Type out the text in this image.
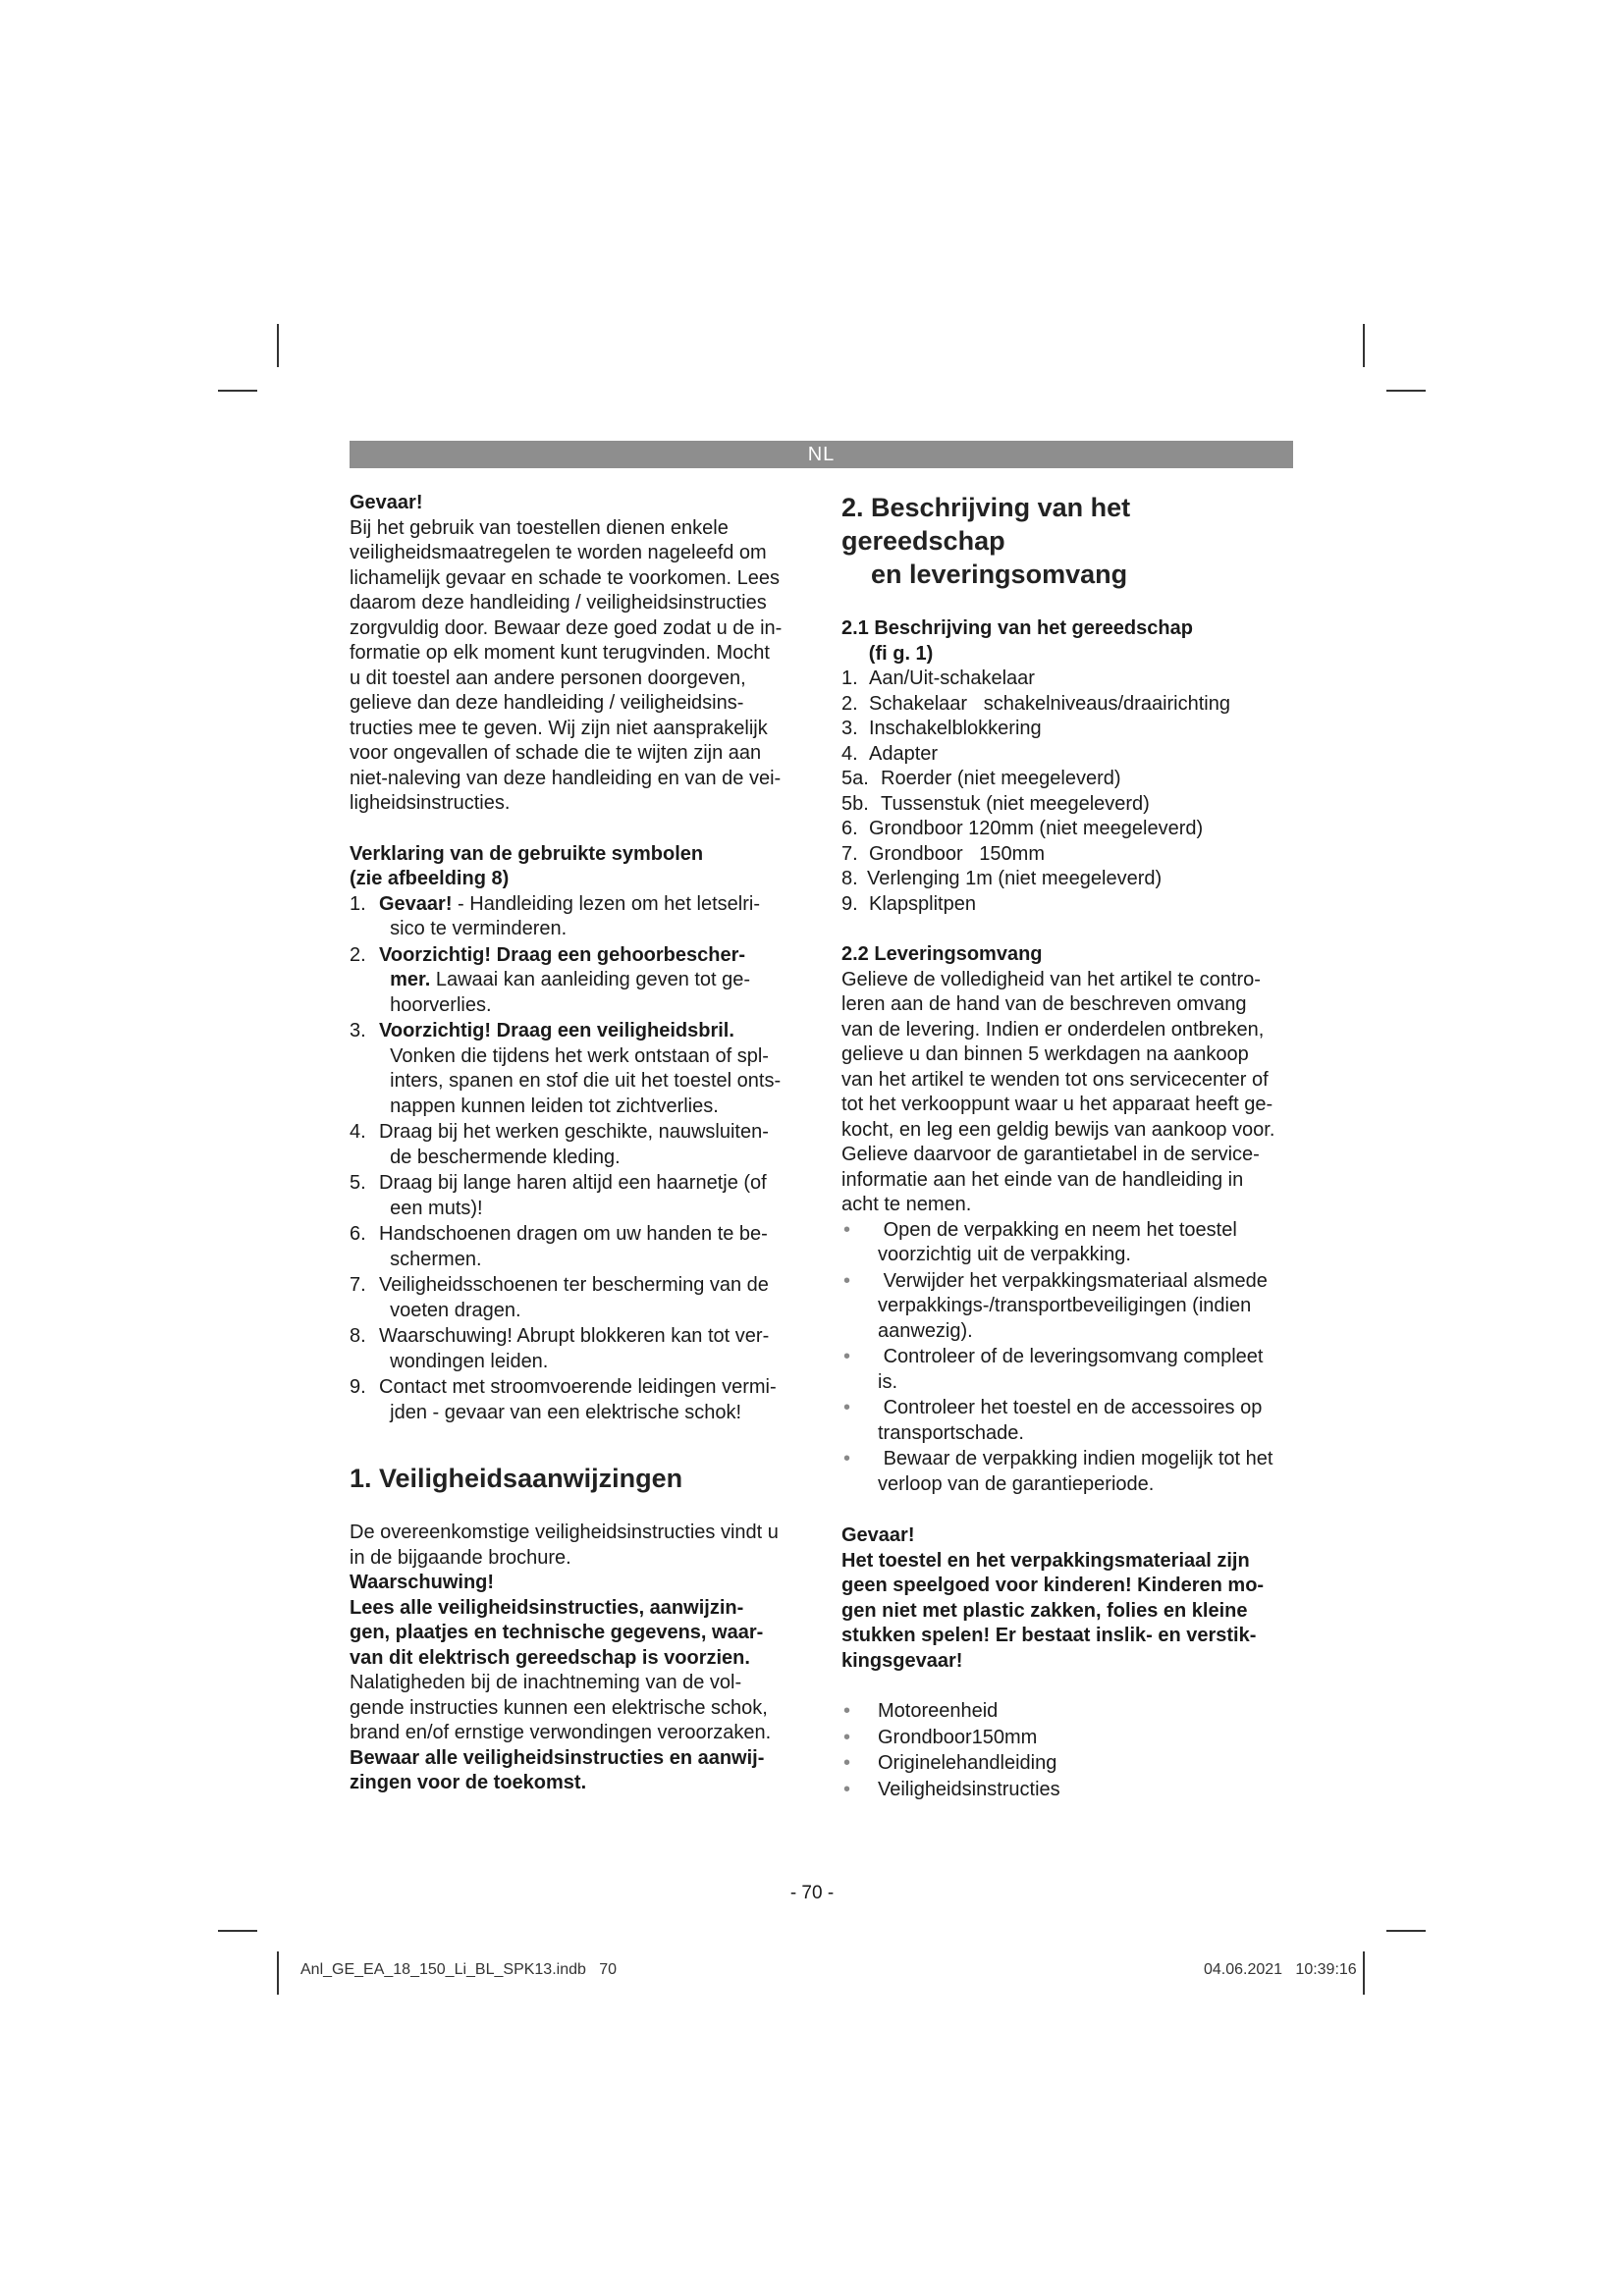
NL

Gevaar!

Bij het gebruik van toestellen dienen enkele
veiligheidsmaatregelen te worden nageleefd om
lichamelijk gevaar en schade te voorkomen. Lees
daarom deze handleiding / veiligheidsinstructies
zorgvuldig door. Bewaar deze goed zodat u de in-
formatie op elk moment kunt terugvinden. Mocht
u dit toestel aan andere personen doorgeven,
gelieve dan deze handleiding / veiligheidsins-
tructies mee te geven. Wij zijn niet aansprakelijk
voor ongevallen of schade die te wijten zijn aan
niet-naleving van deze handleiding en van de vei-
ligheidsinstructies.

Verklaring van de gebruikte symbolen
(zie afbeelding 8)

1. Gevaar! - Handleiding lezen om het letselri-
sico te verminderen.
2. Voorzichtig! Draag een gehoorbescher-
mer. Lawaai kan aanleiding geven tot ge-
hoorverlies.
3. Voorzichtig! Draag een veiligheidsbril.
Vonken die tijdens het werk ontstaan of spl-
inters, spanen en stof die uit het toestel onts-
nappen kunnen leiden tot zichtverlies.
4. Draag bij het werken geschikte, nauwsluiten-
de beschermende kleding.
5. Draag bij lange haren altijd een haarnetje (of
een muts)!
6. Handschoenen dragen om uw handen te be-
schermen.
7. Veiligheidsschoenen ter bescherming van de
voeten dragen.
8. Waarschuwing! Abrupt blokkeren kan tot ver-
wondingen leiden.
9. Contact met stroomvoerende leidingen vermi-
jden - gevaar van een elektrische schok!
1. Veiligheidsaanwijzingen

De overeenkomstige veiligheidsinstructies vindt u
in de bijgaande brochure.

Waarschuwing!

Lees alle veiligheidsinstructies, aanwijzin-
gen, plaatjes en technische gegevens, waar-
van dit elektrisch gereedschap is voorzien.

Nalatigheden bij de inachtneming van de vol-
gende instructies kunnen een elektrische schok,
brand en/of ernstige verwondingen veroorzaken.

Bewaar alle veiligheidsinstructies en aanwij-
zingen voor de toekomst.

2. Beschrijving van het gereedschap
en leveringsomvang

2.1 Beschrijving van het gereedschap
(fi g. 1)

1. Aan/Uit-schakelaar
2. Schakelaar   schakelniveaus/draairichting
3. Inschakelblokkering
4. Adapter
5a. Roerder (niet meegeleverd)
5b. Tussenstuk (niet meegeleverd)
6. Grondboor 120mm (niet meegeleverd)
7. Grondboor   150mm
8. Verlenging 1m (niet meegeleverd)
9. Klapsplitpen

2.2 Leveringsomvang

Gelieve de volledigheid van het artikel te contro-
leren aan de hand van de beschreven omvang
van de levering. Indien er onderdelen ontbreken,
gelieve u dan binnen 5 werkdagen na aankoop
van het artikel te wenden tot ons servicecenter of
tot het verkooppunt waar u het apparaat heeft ge-
kocht, en leg een geldig bewijs van aankoop voor.
Gelieve daarvoor de garantietabel in de service-
informatie aan het einde van de handleiding in
acht te nemen.

• Open de verpakking en neem het toestel
voorzichtig uit de verpakking.
• Verwijder het verpakkingsmateriaal alsmede
verpakkings-/transportbeveiligingen (indien
aanwezig).
• Controleer of de leveringsomvang compleet
is.
• Controleer het toestel en de accessoires op
transportschade.
• Bewaar de verpakking indien mogelijk tot het
verloop van de garantieperiode.

Gevaar!

Het toestel en het verpakkingsmateriaal zijn
geen speelgoed voor kinderen! Kinderen mo-
gen niet met plastic zakken, folies en kleine
stukken spelen! Er bestaat inslik- en verstik-
kingsgevaar!

• Motoreenheid
• Grondboor150mm
• Originelehandleiding
• Veiligheidsinstructies
- 70 -
Anl_GE_EA_18_150_Li_BL_SPK13.indb   70	04.06.2021   10:39:16
